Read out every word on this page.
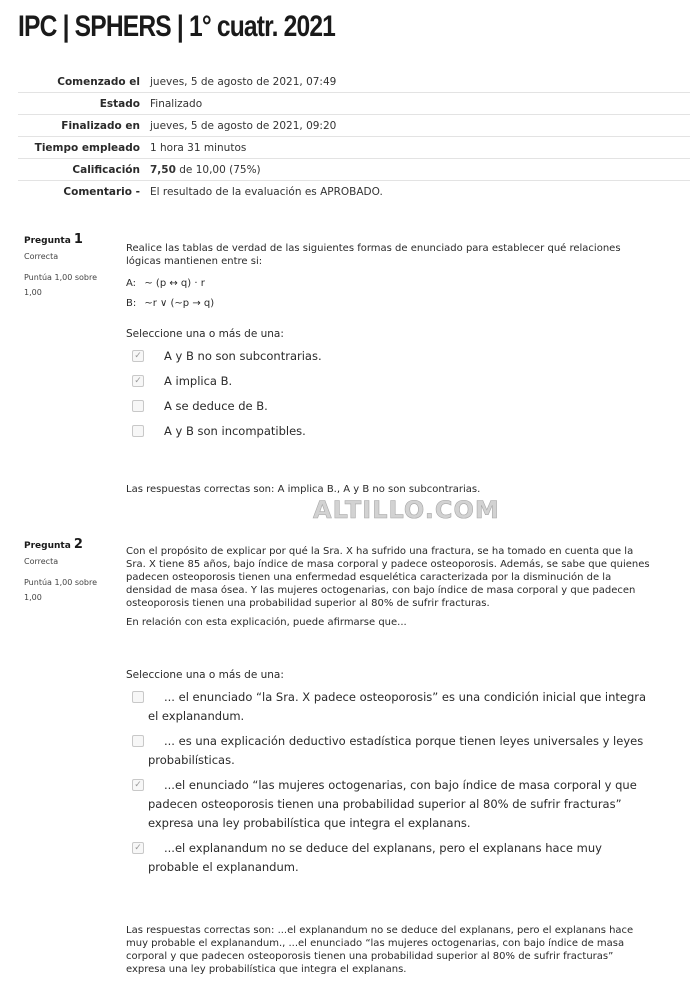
IPC | SPHERS | 1° cuatr. 2021
Comenzado el	jueves, 5 de agosto de 2021, 07:49
Estado	Finalizado
Finalizado en	jueves, 5 de agosto de 2021, 09:20
Tiempo empleado	1 hora 31 minutos
Calificación	7,50 de 10,00 (75%)
Comentario -	El resultado de la evaluación es APROBADO.
Pregunta 1
Correcta
Puntúa 1,00 sobre
1,00

Realice las tablas de verdad de las siguientes formas de enunciado para establecer qué relaciones lógicas mantienen entre si:

A: ~ (p ↔ q) · r
B: ~r ∨ (~p → q)
Seleccione una o más de una:
✓ A y B no son subcontrarias.
✓ A implica B.
A se deduce de B.
A y B son incompatibles.
Las respuestas correctas son: A implica B., A y B no son subcontrarias.
ALTILLO.COM
Pregunta 2
Correcta
Puntúa 1,00 sobre
1,00

Con el propósito de explicar por qué la Sra. X ha sufrido una fractura, se ha tomado en cuenta que la Sra. X tiene 85 años, bajo índice de masa corporal y padece osteoporosis. Además, se sabe que quienes padecen osteoporosis tienen una enfermedad esquelética caracterizada por la disminución de la densidad de masa ósea. Y las mujeres octogenarias, con bajo índice de masa corporal y que padecen osteoporosis tienen una probabilidad superior al 80% de sufrir fracturas.

En relación con esta explicación, puede afirmarse que...

Seleccione una o más de una:
... el enunciado “la Sra. X padece osteoporosis” es una condición inicial que integra el explanandum.
... es una explicación deductivo estadística porque tienen leyes universales y leyes probabilísticas.
✓ ...el enunciado “las mujeres octogenarias, con bajo índice de masa corporal y que padecen osteoporosis tienen una probabilidad superior al 80% de sufrir fracturas” expresa una ley probabilística que integra el explanans.
✓ ...el explanandum no se deduce del explanans, pero el explanans hace muy probable el explanandum.
Las respuestas correctas son: ...el explanandum no se deduce del explanans, pero el explanans hace muy probable el explanandum., ...el enunciado “las mujeres octogenarias, con bajo índice de masa corporal y que padecen osteoporosis tienen una probabilidad superior al 80% de sufrir fracturas” expresa una ley probabilística que integra el explanans.
